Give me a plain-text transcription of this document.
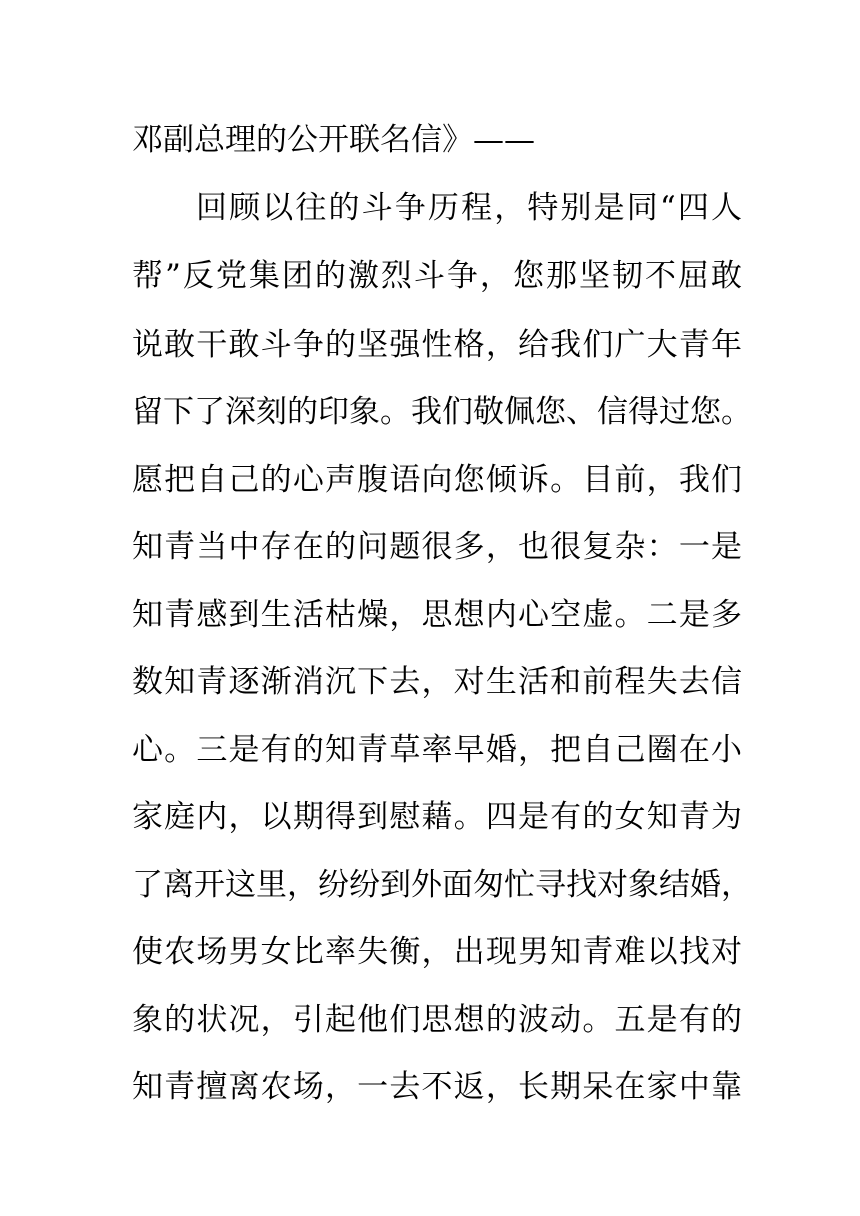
邓副总理的公开联名信》——
回顾以往的斗争历程，特别是同“四人
帮”反党集团的激烈斗争，您那坚韧不屈敢
说敢干敢斗争的坚强性格，给我们广大青年
留下了深刻的印象。我们敬佩您、信得过您。
愿把自己的心声腹语向您倾诉。目前，我们
知青当中存在的问题很多，也很复杂：一是
知青感到生活枯燥，思想内心空虚。二是多
数知青逐渐消沉下去，对生活和前程失去信
心。三是有的知青草率早婚，把自己圈在小
家庭内，以期得到慰藉。四是有的女知青为
了离开这里，纷纷到外面匆忙寻找对象结婚，
使农场男女比率失衡，出现男知青难以找对
象的状况，引起他们思想的波动。五是有的
知青擅离农场，一去不返，长期呆在家中靠
